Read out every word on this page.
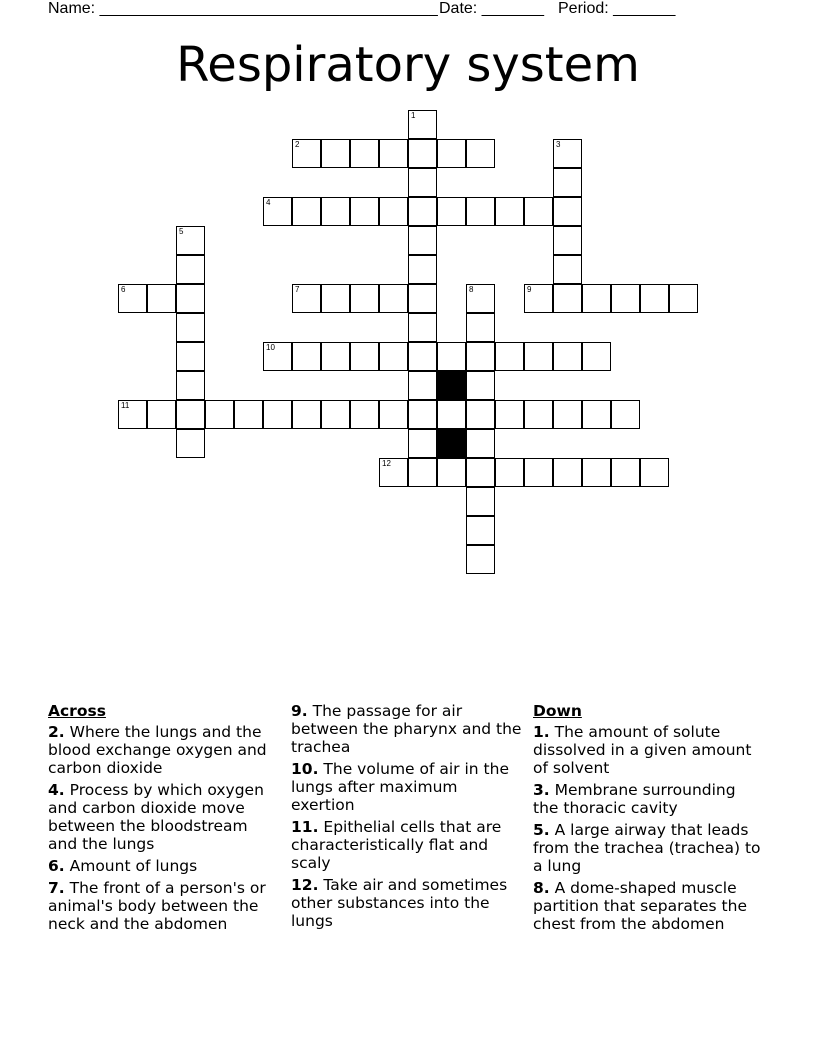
Name: ______________________________________

Date: _______

Period: _______

Respiratory system
1
2	3
4
5
6	7	8	9
10
11
12
Across
2. Where the lungs and the blood exchange oxygen and carbon dioxide
4. Process by which oxygen and carbon dioxide move between the bloodstream and the lungs
6. Amount of lungs
7. The front of a person's or animal's body between the neck and the abdomen
9. The passage for air between the pharynx and the trachea
10. The volume of air in the lungs after maximum exertion
11. Epithelial cells that are characteristically flat and scaly
12. Take air and sometimes other substances into the lungs
Down
1. The amount of solute dissolved in a given amount of solvent
3. Membrane surrounding the thoracic cavity
5. A large airway that leads from the trachea (trachea) to a lung
8. A dome-shaped muscle partition that separates the chest from the abdomen
